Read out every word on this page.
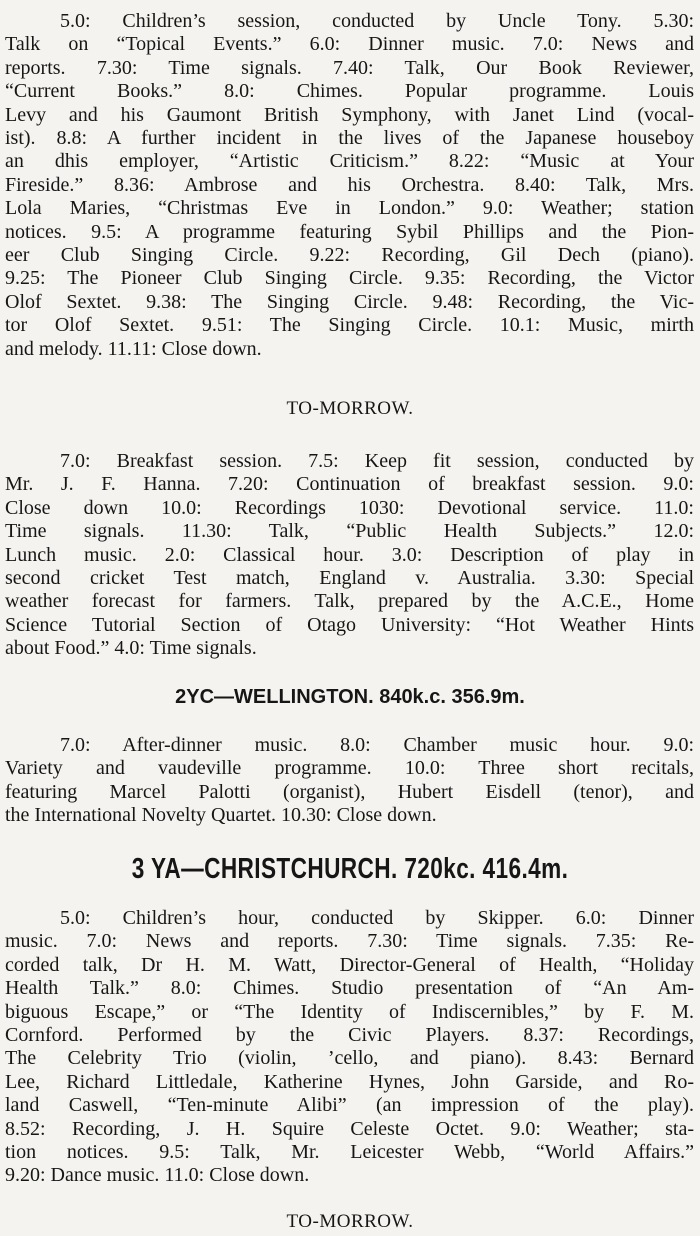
5.0: Children’s session, conducted by Uncle Tony. 5.30:

Talk on “Topical Events.” 6.0: Dinner music. 7.0: News and

reports. 7.30: Time signals. 7.40: Talk, Our Book Reviewer,

“Current Books.” 8.0: Chimes. Popular programme. Louis

Levy and his Gaumont British Symphony, with Janet Lind (vocal-

ist). 8.8: A further incident in the lives of the Japanese houseboy

an dhis employer, “Artistic Criticism.” 8.22: “Music at Your

Fireside.” 8.36: Ambrose and his Orchestra. 8.40: Talk, Mrs.

Lola Maries, “Christmas Eve in London.” 9.0: Weather; station

notices. 9.5: A programme featuring Sybil Phillips and the Pion-

eer Club Singing Circle. 9.22: Recording, Gil Dech (piano).

9.25: The Pioneer Club Singing Circle. 9.35: Recording, the Victor

Olof Sextet. 9.38: The Singing Circle. 9.48: Recording, the Vic-

tor Olof Sextet. 9.51: The Singing Circle. 10.1: Music, mirth

and melody. 11.11: Close down.

TO-MORROW.

7.0: Breakfast session. 7.5: Keep fit session, conducted by

Mr. J. F. Hanna. 7.20: Continuation of breakfast session. 9.0:

Close down 10.0: Recordings 1030: Devotional service. 11.0:

Time signals. 11.30: Talk, “Public Health Subjects.” 12.0:

Lunch music. 2.0: Classical hour. 3.0: Description of play in

second cricket Test match, England v. Australia. 3.30: Special

weather forecast for farmers. Talk, prepared by the A.C.E., Home

Science Tutorial Section of Otago University: “Hot Weather Hints

about Food.” 4.0: Time signals.

2YC—WELLINGTON. 840k.c. 356.9m.

7.0: After-dinner music. 8.0: Chamber music hour. 9.0:

Variety and vaudeville programme. 10.0: Three short recitals,

featuring Marcel Palotti (organist), Hubert Eisdell (tenor), and

the International Novelty Quartet. 10.30: Close down.

3 YA—CHRISTCHURCH. 720kc. 416.4m.

5.0: Children’s hour, conducted by Skipper. 6.0: Dinner

music. 7.0: News and reports. 7.30: Time signals. 7.35: Re-

corded talk, Dr H. M. Watt, Director-General of Health, “Holiday

Health Talk.” 8.0: Chimes. Studio presentation of “An Am-

biguous Escape,” or “The Identity of Indiscernibles,” by F. M.

Cornford. Performed by the Civic Players. 8.37: Recordings,

The Celebrity Trio (violin, ’cello, and piano). 8.43: Bernard

Lee, Richard Littledale, Katherine Hynes, John Garside, and Ro-

land Caswell, “Ten-minute Alibi” (an impression of the play).

8.52: Recording, J. H. Squire Celeste Octet. 9.0: Weather; sta-

tion notices. 9.5: Talk, Mr. Leicester Webb, “World Affairs.”

9.20: Dance music. 11.0: Close down.

TO-MORROW.
